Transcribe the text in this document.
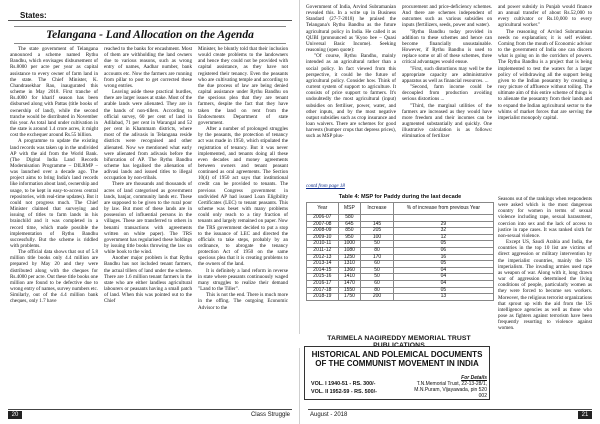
States:
Telangana - Land Allocation on the Agenda

The state government of Telangana announced a scheme named Rythu Bandhu, which envisages disbursement of Rs.8000 per acre per year as capital assistance to every owner of farm land in the state. The Chief Minister, K. Chandrasekhar Rao, inaugurated this scheme in May 2018. First tranche of Rs.4000 for kharif season has been disbursed along with Pattas (title books of ownership of land), while the second tranche would be distributed in November this year. As total land under cultivation in the state is around 1.4 crore acres, it might cost the exchequer around Rs.55 billion.

A programme to update the existing land records was taken up in the undivided AP with the aid from the World Bank. (The Digital India Land Records Modernisation Programme – DILRMP – was launched over a decade ago. The project aims to bring India's land records like information about land, ownership and usage, to be kept in easy-to-access central repositories, with real-time updates). But it could not progress much. The Chief Minister claimed that surveying and issuing of titles to farm lands in his brainchild and it was completed in a record time, which made possible the implementation of Rythu Bandhu successfully. But the scheme is riddled with problems.

The official data shows that out of 5.8 million title books only 4.4 million are prepared by May 20 and they were distributed along with the cheques for Rs.4000 per acre. Out these title books one million are found to be defective due to wrong entry of names, survey numbers etc. Similarly, out of the 4.4 million bank cheques, only 1.7 have

reached to the banks for encashment. Most of them are withholding the land owners due to various reasons, such as wrong entry of names, Aadhar number, bank accounts etc. Now the farmers are running from pillar to post to get corrected these wrong entries.

Leaving aside these practical hurdles, there are larger issues at stake. Most of the arable lands were alienated. They are in the hands of non-tillers. According to official survey, 60 per cent of land in Adilabad, 71 per cent in Warangal and 52 per cent in Khammam districts, where most of the adivasis in Telangana reside districts were recognised and other alienated. Now we mentioned what early were alienated from adivasis before the bifurcation of AP. The Rythu Bandhu scheme has legalised the alienation of adivasi lands and issued titles to illegal occupation by non-tribals.

There are thousands and thousands of acres of land categorised as government lands, banjar, community lands etc. These are supposed to be given to the rural poor by law. But most of these lands are in possession of influential persons in the villages. These are transferred to others in benami transactions with agreements written on white paper). The TRS government has regularised these holdings by issuing title books throwing the law on white book to the wind.

Another major problem is that Rythu Bandhu has not included tenant farmers, the actual tillers of land under the scheme. There are 1.6 million tenant farmers in the state who are either landless agricultural labourers or peasants having a small patch of land. When this was pointed out to the Chief

Minister, he bluntly told that their inclusion would create problems to the landowners and hence they could not be provided with capital assistance, as they have not registered their tenancy. Even the peasants who are cultivating temple and according to the due process of law are being denied capital assistance under Rythu Bandhu on the specious plea that they are tenant farmers, despite the fact that they have taken the land on rent from the Endowments Department of state government.

After a number of prolonged struggles by the peasants, the protection of tenancy act was made in 1950, which stipulated the registration of tenancy. But it was never implemented, and tenants doing all these even decades and money agreements between owners and tenant peasant continued as oral agreements. The Section 10(4) of 1950 act says that institutional credit can be provided to tenants. The previous Congress government in undivided AP had issued Loan Eligibility Certificates (LEC) to tenant peasants. This scheme was beset with many problems could only reach to a tiny fraction of tenants and largely remained on paper. Now the TRS government decided to put a stop to the issuance of LEC and directed the officials to take steps, probably by an ordinance, to abrogate the tenancy protection Act of 1950 on the same specious plea that it is creating problems to the owners of the land.

It is definitely a land reform in reverse in state where peasants continuously waged many struggles to realize their demand "Land to the Tiller".

This is not the end. There is much more in the offing. The outgoing Economic Advisor to the

20	Class Struggle

Government of India, Arvind Subramanian revealed this. In a write up in Business Standard (27-7-2018) he praised the Telangana's Rythu Bandhu as the future agricultural policy in India. He called it as QUBI (pronounced as 'Kyoo bee – Quasi Universal Basic Income). Seeking reasoning (open quote):

"Of course, Rythu Bandhu, mainly intended as an agricultural rather than a social policy. In fact viewed from this perspective, it could be the future of agricultural policy. Consider how. Think of current system of support to agriculture. It consists of price support to farmers. It's undoubtedly the most agricultural (input) subsidies on fertiliser, power, water, and other inputs, and by the most negative output subsidies such as crop insurance and loan waivers. There are schemes for good harvests (bumper crops that depress prices), such as MSP plus-

procurement and price-deficiency schemes. And there are schemes independent of outcomes such as various subsidies on inputs (fertilizers, seeds, power and water).

"Rythu Bandhu today provided in addition to these schemes and hence can become financially unsustainable. However, if Rythu Bandhu is used to replace some or all of these schemes, three critical advantages would ensue.

"First, such distortions may well be the appropriate capacity are administrative apparatus as well as financial resources. ...

"Second, farm income could be decoupled from production avoiding serious distortions ...

"Third, the marginal utilities of the farmers are increased as they would have more freedom and their incomes can be augmented substantially and quickly. One illustrative calculation is as follows: elimination of fertilizer

and power subsidy in Punjab would finance an annual transfer of about Rs.52,000 to every cultivator or Rs.10,000 to every agricultural worker."

The reasoning of Arvind Subramanian needs no explanation; it is self evident. Coming from the mouth of Economic advisor to the government of India one can discern what is going on in the corridors of powers. The Rythu Bandhu is a project that is being implemented to test the waters for a larger policy of withdrawing all the support being given to the Indian peasantry by creating a rosy picture of affluence without toiling. The ultimate aim of this entire scheme of things is to alienate the peasantry from their lands and to expand the Indian agricultural sector to the whims of market forces that are serving the imperialist monopoly capital.

contd from page 18

Seasons out of the rankings when respondents were asked which is the most dangerous country for women in terms of sexual violence including rape, sexual harassment, coercion into sex and the lack of access to justice in rape cases. It was ranked sixth for non-sexual violence.

Except US, Saudi Arabia and India, the countries in the top 10 list are victims of direct aggression or military intervention by the imperialist countries, mainly the US imperialism. The invading armies used rape as weapon of war. Along with it, long drawn war of aggression determined the living conditions of people, particularly women as they were forced to become sex workers. Moreover, the religious terrorist organizations that sprout up with the aid from the US intelligence agencies as well as those who pose as fighters against terrorism have been frequently resorting to violence against women.

Table 4: MSP for Paddy during the last decade
Year	MSP	Increase	% of increase from previous Year
2006-07	580		
2007-08	645	145	29
2008-09	850	205	32
2009-10	950	100	12
2010-11	1000	50	05
2011-12	1080	80	06
2012-13	1250	170	16
2013-14	1310	60	05
2014-15	1360	50	04
2015-16	1410	50	04
2016-17	1470	60	04
2017-18	1550	80	05
2018-19	1750	200	13
TARIMELA NAGIREDDY MEMORIAL TRUST PUBLICATIONS
HISTORICAL AND POLEMICAL DOCUMENTS OF THE COMMUNIST MOVEMENT IN INDIA
VOL. I 1940-51 - RS. 300/-
VOL. II 1952-59 - RS. 500/-
For Details
T.N.Memorial Trust, 22-13-28/1,
M.N.Puram, Vijayawada, pin 520 002
August - 2018	21
